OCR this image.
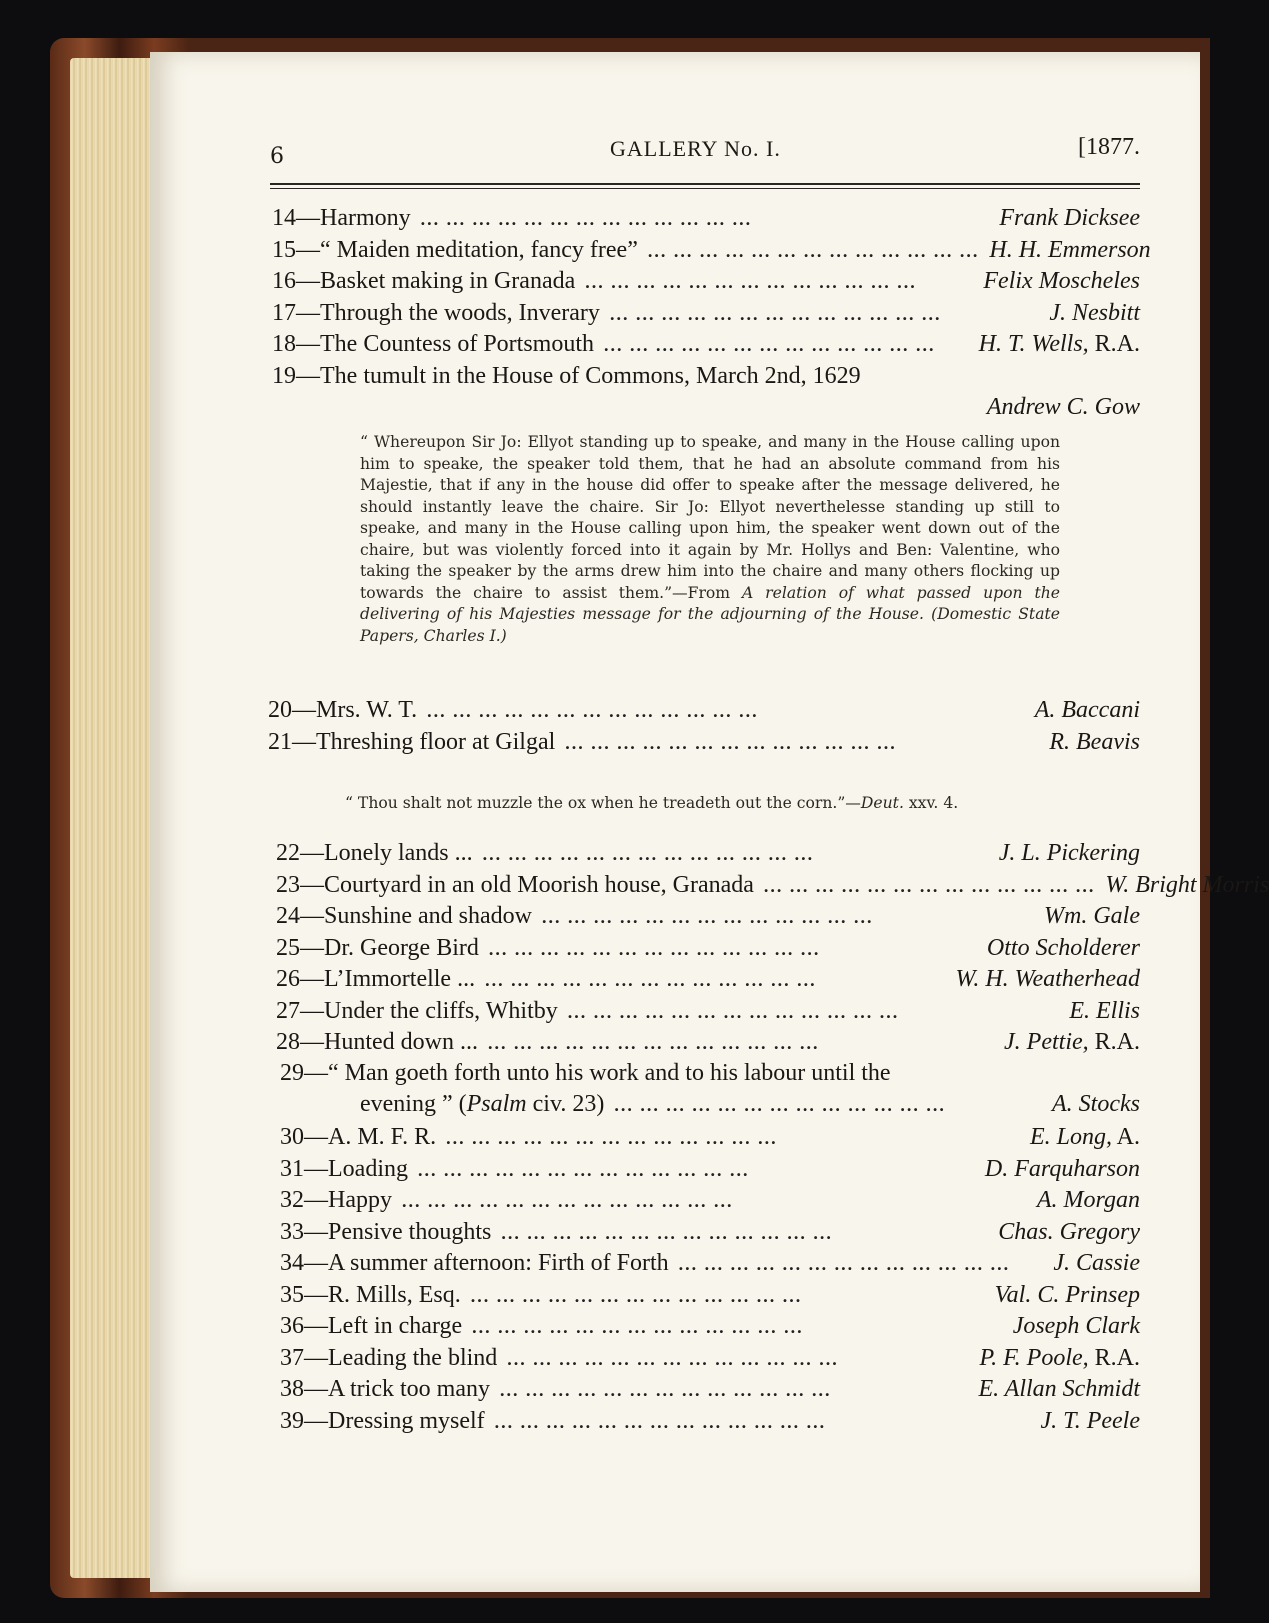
6	GALLERY No. I.	[1877.
14—Harmony ... ... ... ... ... ... ... ... ... ... ... ... ...	Frank Dicksee
15—“ Maiden meditation, fancy free” ... ... ... ... ... ... ... ... ... ... ... ... ... H. H. Emmerson
16—Basket making in Granada ... ... ... ... ... ... ... ... ... ... ... ... ...	Felix Moscheles
17—Through the woods, Inverary ... ... ... ... ... ... ... ... ... ... ... ... ...	J. Nesbitt
18—The Countess of Portsmouth ... ... ... ... ... ... ... ... ... ... ... ... ...	H. T. Wells, R.A.
19—The tumult in the House of Commons, March 2nd, 1629
Andrew C. Gow
“ Whereupon Sir Jo: Ellyot standing up to speake, and many in the House calling upon him to speake, the speaker told them, that he had an absolute command from his Majestie, that if any in the house did offer to speake after the message delivered, he should instantly leave the chaire. Sir Jo: Ellyot neverthelesse standing up still to speake, and many in the House calling upon him, the speaker went down out of the chaire, but was violently forced into it again by Mr. Hollys and Ben: Valentine, who taking the speaker by the arms drew him into the chaire and many others flocking up towards the chaire to assist them.”—From A relation of what passed upon the delivering of his Majesties message for the adjourning of the House. (Domestic State Papers, Charles I.)
20—Mrs. W. T. ... ... ... ... ... ... ... ... ... ... ... ... ...	A. Baccani
21—Threshing floor at Gilgal ... ... ... ... ... ... ... ... ... ... ... ... ...	R. Beavis
“ Thou shalt not muzzle the ox when he treadeth out the corn.”—Deut. xxv. 4.
22—Lonely lands ... ... ... ... ... ... ... ... ... ... ... ... ... ...	J. L. Pickering
23—Courtyard in an old Moorish house, Granada ... ... ... ... ... ... ... ... ... ... ... ... ... W. Bright Morris
24—Sunshine and shadow ... ... ... ... ... ... ... ... ... ... ... ... ...	Wm. Gale
25—Dr. George Bird ... ... ... ... ... ... ... ... ... ... ... ... ...	Otto Scholderer
26—L’Immortelle ... ... ... ... ... ... ... ... ... ... ... ... ... ...	W. H. Weatherhead
27—Under the cliffs, Whitby ... ... ... ... ... ... ... ... ... ... ... ... ...	E. Ellis
28—Hunted down ... ... ... ... ... ... ... ... ... ... ... ... ... ...	J. Pettie, R.A.
29—“ Man goeth forth unto his work and to his labour until the
evening ” (Psalm civ. 23) ... ... ... ... ... ... ... ... ... ... ... ... ...	A. Stocks
30—A. M. F. R. ... ... ... ... ... ... ... ... ... ... ... ... ...	E. Long, A.
31—Loading ... ... ... ... ... ... ... ... ... ... ... ... ...	D. Farquharson
32—Happy ... ... ... ... ... ... ... ... ... ... ... ... ...	A. Morgan
33—Pensive thoughts ... ... ... ... ... ... ... ... ... ... ... ... ...	Chas. Gregory
34—A summer afternoon: Firth of Forth ... ... ... ... ... ... ... ... ... ... ... ... ...	J. Cassie
35—R. Mills, Esq. ... ... ... ... ... ... ... ... ... ... ... ... ...	Val. C. Prinsep
36—Left in charge ... ... ... ... ... ... ... ... ... ... ... ... ...	Joseph Clark
37—Leading the blind ... ... ... ... ... ... ... ... ... ... ... ... ...	P. F. Poole, R.A.
38—A trick too many ... ... ... ... ... ... ... ... ... ... ... ... ...	E. Allan Schmidt
39—Dressing myself ... ... ... ... ... ... ... ... ... ... ... ... ...	J. T. Peele
